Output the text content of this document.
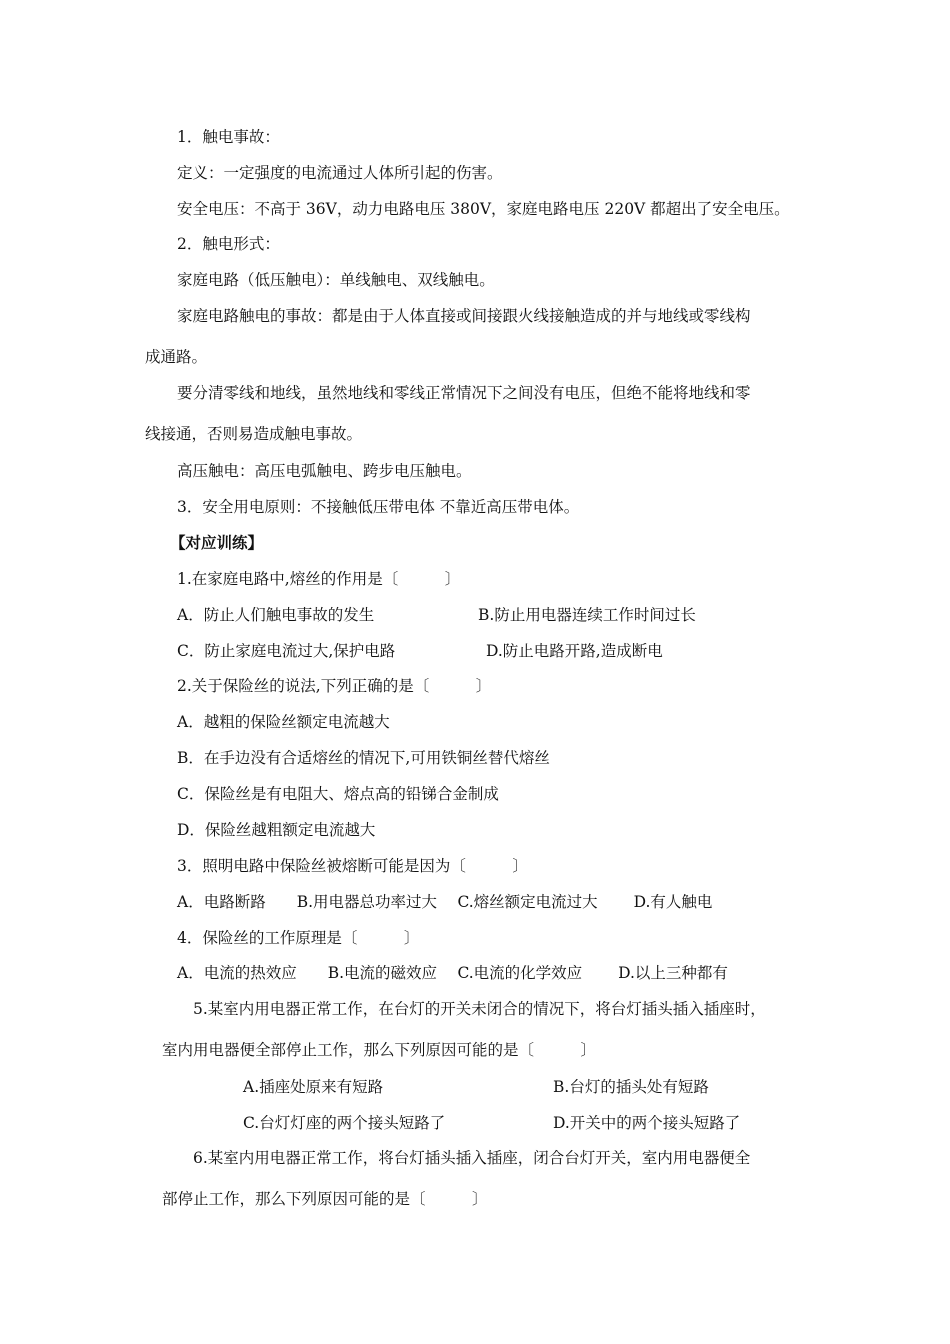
1．触电事故：
定义：一定强度的电流通过人体所引起的伤害。
安全电压：不高于 36V，动力电路电压 380V，家庭电路电压 220V 都超出了安全电压。
2．触电形式：
家庭电路（低压触电）：单线触电、双线触电。
家庭电路触电的事故：都是由于人体直接或间接跟火线接触造成的并与地线或零线构
成通路。
要分清零线和地线，虽然地线和零线正常情况下之间没有电压，但绝不能将地线和零
线接通，否则易造成触电事故。
高压触电：高压电弧触电、跨步电压触电。
3．安全用电原则：不接触低压带电体 不靠近高压带电体。
【对应训练】
1.在家庭电路中,熔丝的作用是〔　　　〕
A．防止人们触电事故的发生	B.防止用电器连续工作时间过长
C．防止家庭电流过大,保护电路	D.防止电路开路,造成断电
2.关于保险丝的说法,下列正确的是〔　　　〕
A．越粗的保险丝额定电流越大
B．在手边没有合适熔丝的情况下,可用铁铜丝替代熔丝
C．保险丝是有电阻大、熔点高的铅锑合金制成
D．保险丝越粗额定电流越大
3．照明电路中保险丝被熔断可能是因为〔　　　〕
A．电路断路　　B.用电器总功率过大　 C.熔丝额定电流过大　　 D.有人触电
4．保险丝的工作原理是〔　　　〕
A．电流的热效应　　B.电流的磁效应　 C.电流的化学效应　　 D.以上三种都有
5.某室内用电器正常工作，在台灯的开关未闭合的情况下，将台灯插头插入插座时，
室内用电器便全部停止工作，那么下列原因可能的是〔　　　〕
A.插座处原来有短路	B.台灯的插头处有短路
C.台灯灯座的两个接头短路了	D.开关中的两个接头短路了
6.某室内用电器正常工作，将台灯插头插入插座，闭合台灯开关，室内用电器便全
部停止工作，那么下列原因可能的是〔　　　〕
